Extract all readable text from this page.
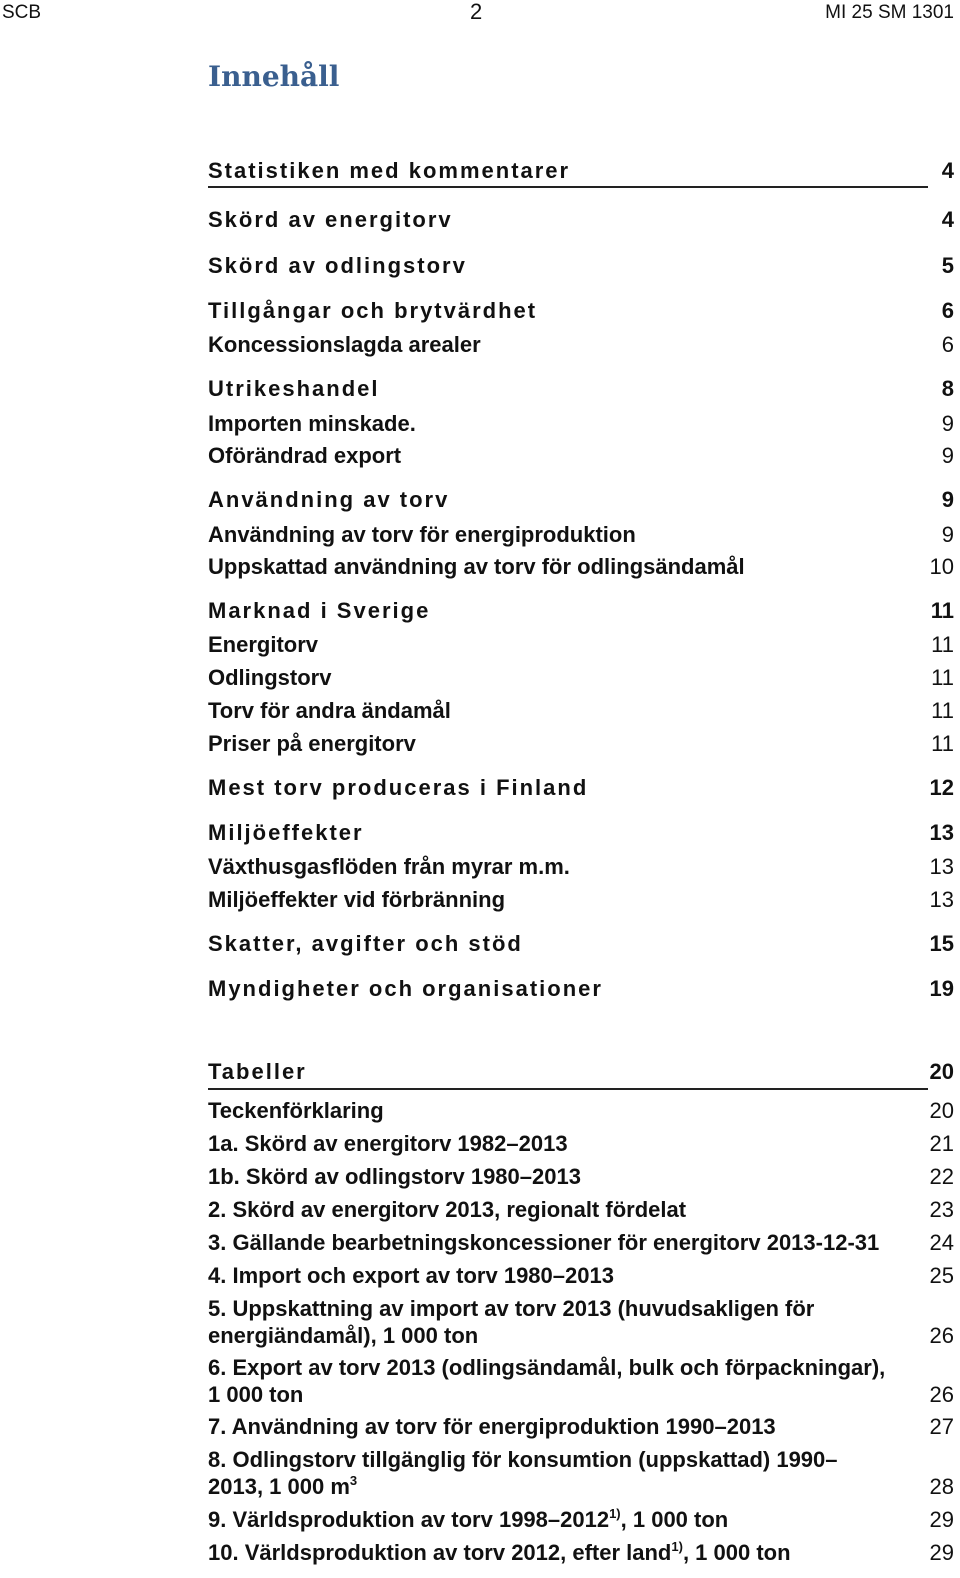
SCB	2	MI 25 SM 1301
Innehåll
Statistiken med kommentarer	4
Skörd av energitorv	4
Skörd av odlingstorv	5
Tillgångar och brytvärdhet	6
Koncessionslagda arealer	6
Utrikeshandel	8
Importen minskade.	9
Oförändrad export	9
Användning av torv	9
Användning av torv för energiproduktion	9
Uppskattad användning av torv för odlingsändamål	10
Marknad i Sverige	11
Energitorv	11
Odlingstorv	11
Torv för andra ändamål	11
Priser på energitorv	11
Mest torv produceras i Finland	12
Miljöeffekter	13
Växthusgasflöden från myrar m.m.	13
Miljöeffekter vid förbränning	13
Skatter, avgifter och stöd	15
Myndigheter och organisationer	19
Tabeller	20
Teckenförklaring	20
1a. Skörd av energitorv 1982–2013	21
1b. Skörd av odlingstorv 1980–2013	22
2. Skörd av energitorv 2013, regionalt fördelat	23
3. Gällande bearbetningskoncessioner för energitorv 2013-12-31	24
4. Import och export av torv 1980–2013	25
5. Uppskattning av import av torv 2013 (huvudsakligen för energiändamål), 1 000 ton	26
6. Export av torv 2013 (odlingsändamål, bulk och förpackningar), 1 000 ton	26
7. Användning av torv för energiproduktion 1990–2013	27
8. Odlingstorv tillgänglig för konsumtion (uppskattad) 1990–2013, 1 000 $m^3$	28
9. Världsproduktion av torv 1998–2012$^{1)}$, 1 000 ton	29
10. Världsproduktion av torv 2012, efter land$^{1)}$, 1 000 ton	29
